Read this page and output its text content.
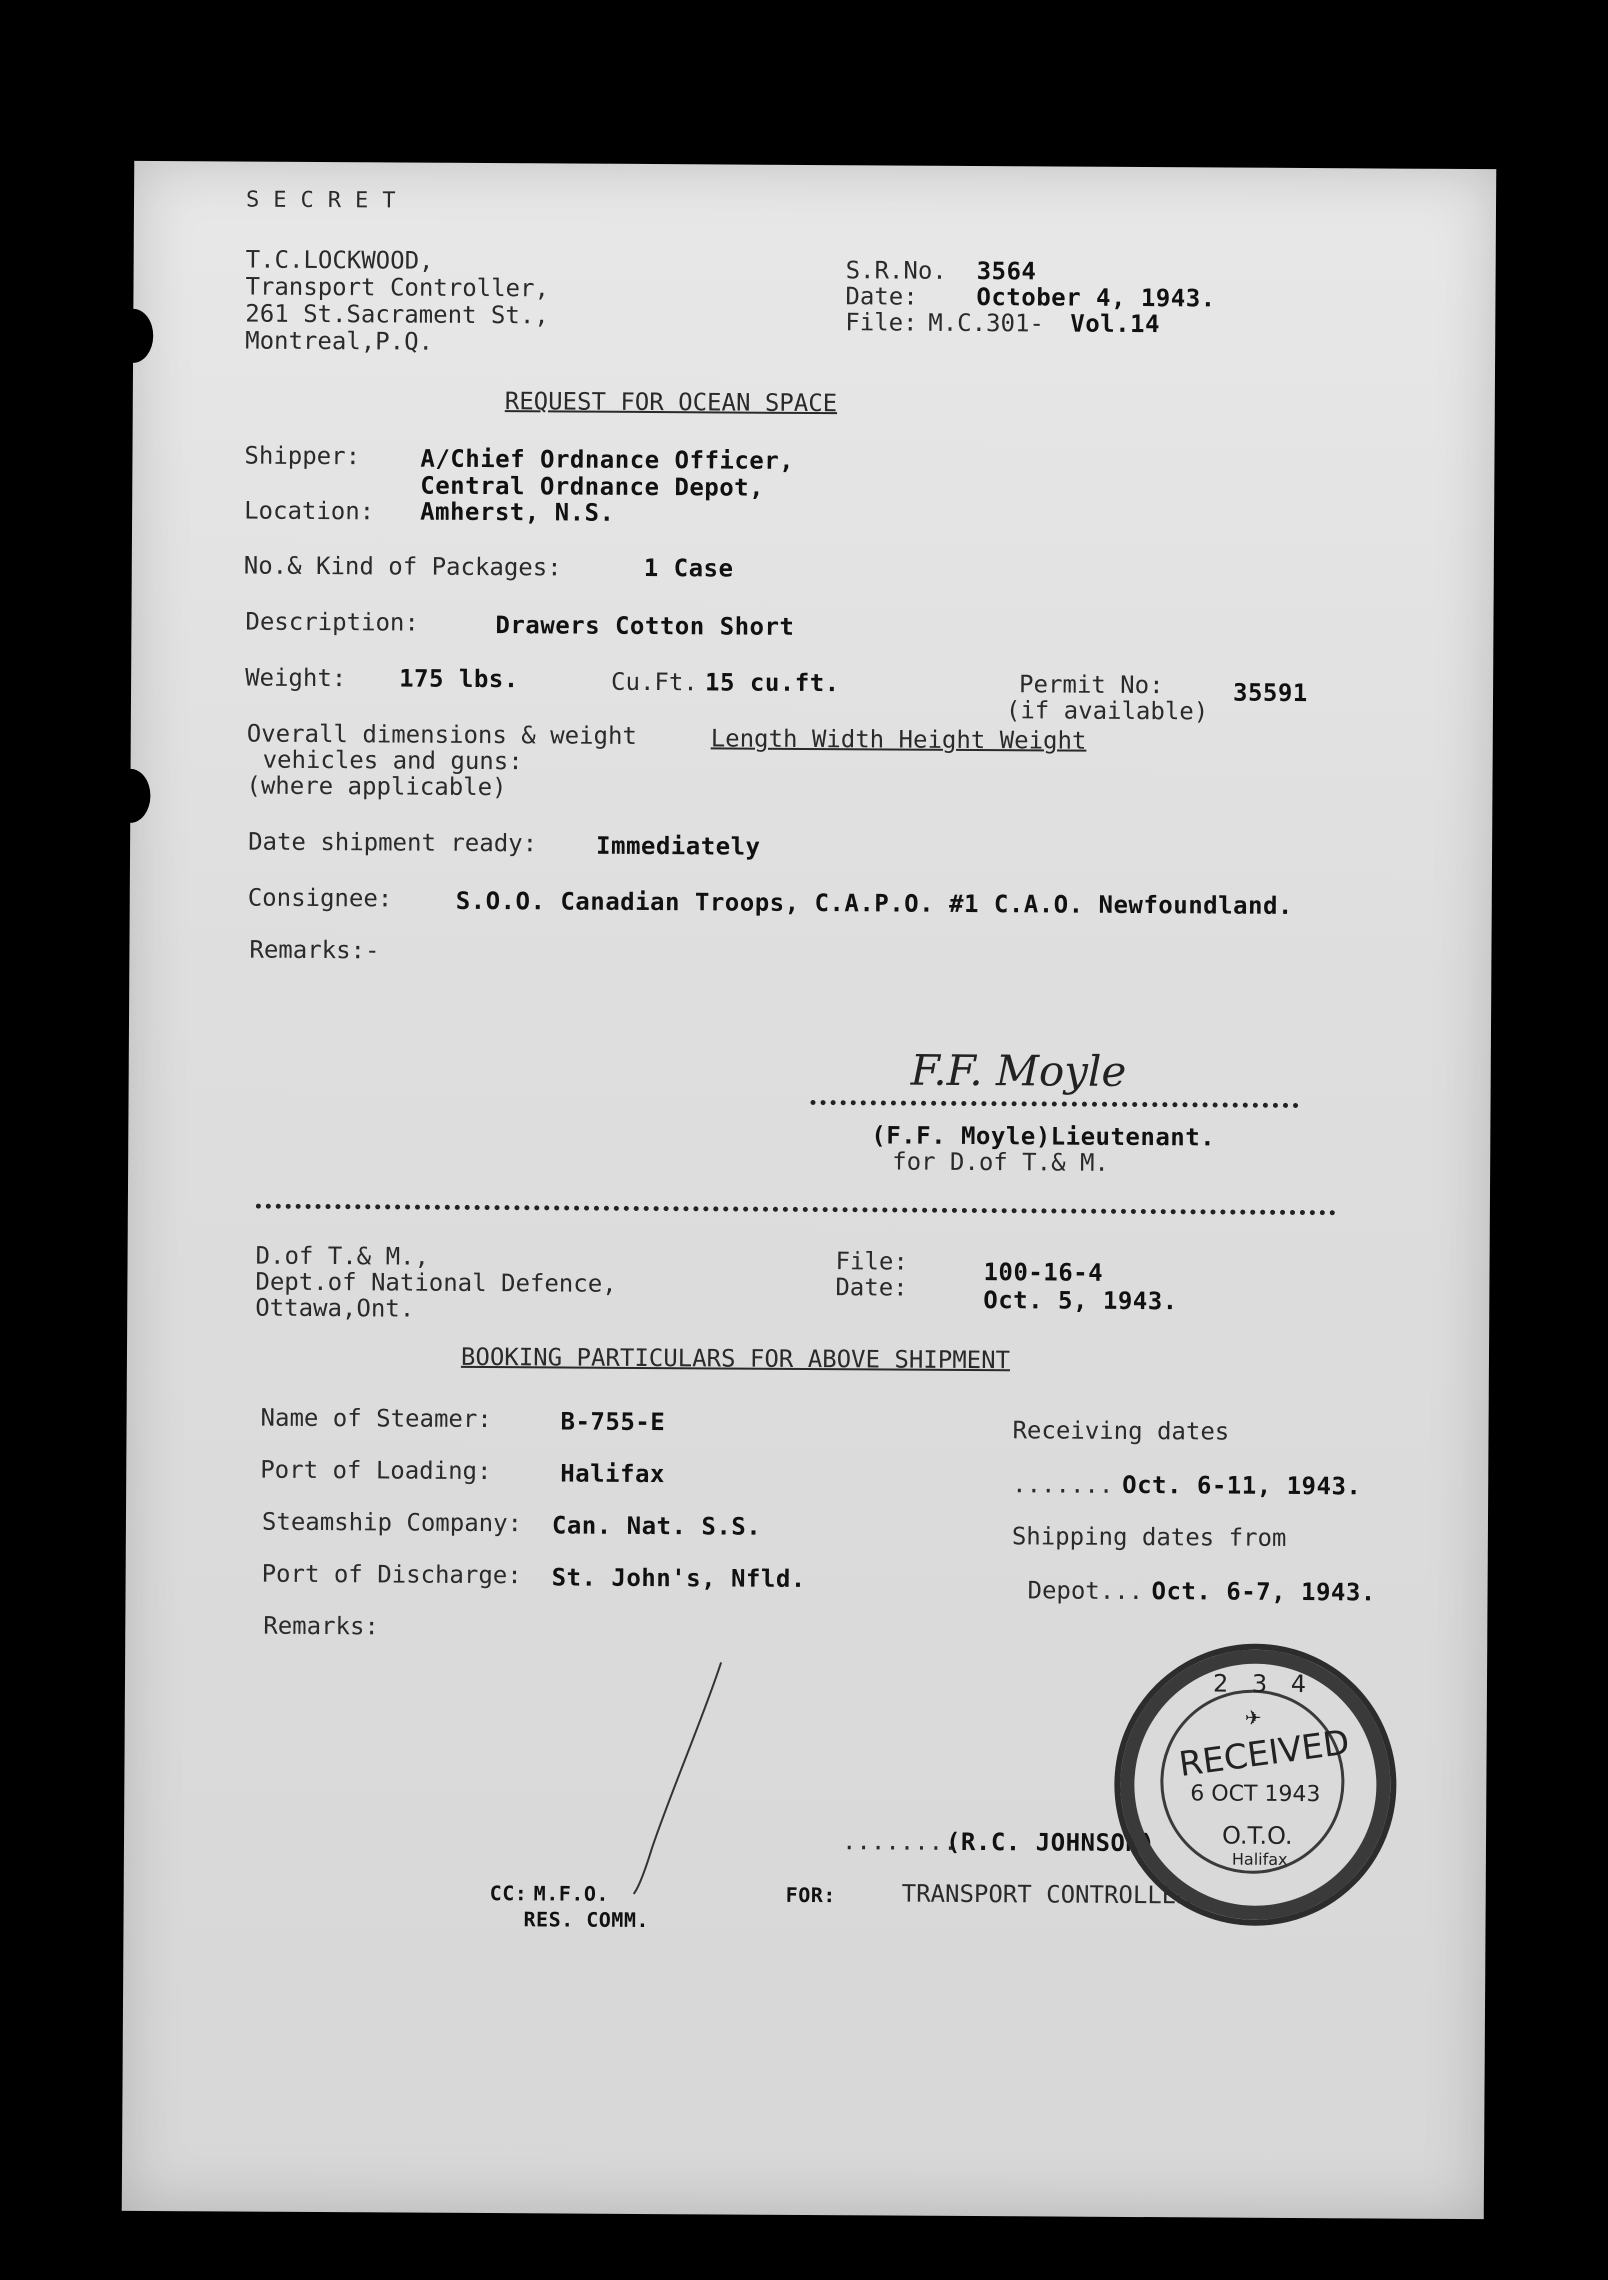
SECRET
T.C.LOCKWOOD,
Transport Controller,
261 St.Sacrament St.,
Montreal,P.Q.
S.R.No. 3564
Date: October 4, 1943.
File: M.C.301- Vol.14
REQUEST FOR OCEAN SPACE
Shipper:	A/Chief Ordnance Officer,
Central Ordnance Depot,
Location: Amherst, N.S.
No.& Kind of Packages:	1 Case
Description:	Drawers Cotton Short
Weight: 175 lbs.	Cu.Ft. 15 cu.ft.	Permit No:
(if available)
35591
Overall dimensions & weight Length Width Height Weight
vehicles and guns:
(where applicable)
Date shipment ready: Immediately
Consignee:	S.O.O. Canadian Troops, C.A.P.O. #1 C.A.O. Newfoundland.
Remarks:-
F.F. Moyle
(F.F. Moyle)Lieutenant.
for D.of T.& M.
D.of T.& M.,
Dept.of National Defence,
Ottawa,Ont.
File:	100-16-4
Date:	Oct. 5, 1943.
BOOKING PARTICULARS FOR ABOVE SHIPMENT
Name of Steamer:	B-755-E
Port of Loading:	Halifax
Steamship Company: Can. Nat. S.S.
Port of Discharge: St. John's, Nfld.
Remarks:
Receiving dates
....... Oct. 6-11, 1943.
Shipping dates from
Depot... Oct. 6-7, 1943.
........
(R.C. JOHNSON)
CC: M.F.O.
RES. COMM.
FOR:	TRANSPORT CONTROLLER
2 3 4
✈
RECEIVED
6 OCT 1943
O.T.O.
Halifax
